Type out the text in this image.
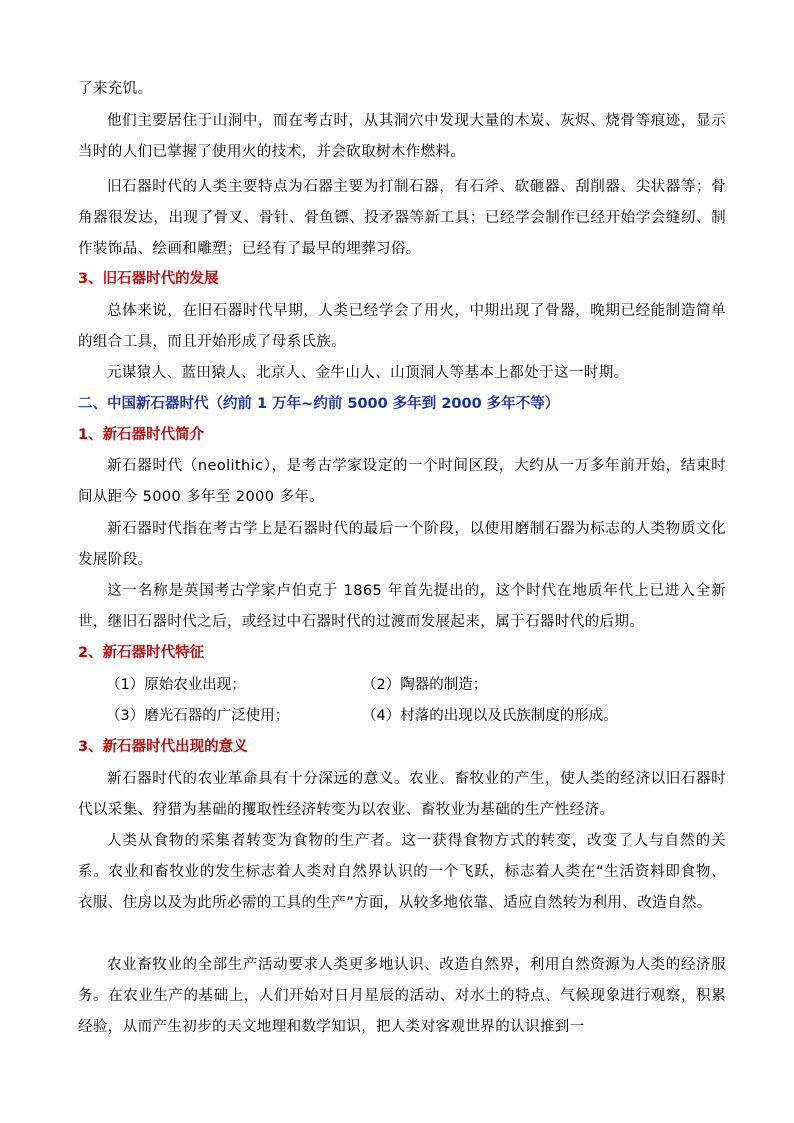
了来充饥。

他们主要居住于山洞中，而在考古时，从其洞穴中发现大量的木炭、灰烬、烧骨等痕迹，显示当时的人们已掌握了使用火的技术，并会砍取树木作燃料。

旧石器时代的人类主要特点为石器主要为打制石器，有石斧、砍砸器、刮削器、尖状器等；骨角器很发达，出现了骨叉、骨针、骨鱼镖、投矛器等新工具；已经学会制作已经开始学会缝纫、制作装饰品、绘画和雕塑；已经有了最早的埋葬习俗。

3、旧石器时代的发展

总体来说，在旧石器时代早期，人类已经学会了用火，中期出现了骨器，晚期已经能制造简单的组合工具，而且开始形成了母系氏族。

元谋猿人、蓝田猿人、北京人、金牛山人、山顶洞人等基本上都处于这一时期。

二、中国新石器时代（约前 1 万年~约前 5000 多年到 2000 多年不等）

1、新石器时代简介

新石器时代（neolithic），是考古学家设定的一个时间区段，大约从一万多年前开始，结束时间从距今 5000 多年至 2000 多年。

新石器时代指在考古学上是石器时代的最后一个阶段，以使用磨制石器为标志的人类物质文化发展阶段。

这一名称是英国考古学家卢伯克于 1865 年首先提出的，这个时代在地质年代上已进入全新世，继旧石器时代之后，或经过中石器时代的过渡而发展起来，属于石器时代的后期。

2、新石器时代特征

（1）原始农业出现；	（2）陶器的制造；

（3）磨光石器的广泛使用；	（4）村落的出现以及氏族制度的形成。

3、新石器时代出现的意义

新石器时代的农业革命具有十分深远的意义。农业、畜牧业的产生，使人类的经济以旧石器时代以采集、狩猎为基础的攫取性经济转变为以农业、畜牧业为基础的生产性经济。

人类从食物的采集者转变为食物的生产者。这一获得食物方式的转变，改变了人与自然的关系。农业和畜牧业的发生标志着人类对自然界认识的一个飞跃，标志着人类在“生活资料即食物、衣服、住房以及为此所必需的工具的生产”方面，从较多地依靠、适应自然转为利用、改造自然。

农业畜牧业的全部生产活动要求人类更多地认识、改造自然界，利用自然资源为人类的经济服务。在农业生产的基础上，人们开始对日月星辰的活动、对水土的特点、气候现象进行观察，积累经验，从而产生初步的天文地理和数学知识，把人类对客观世界的认识推到一
